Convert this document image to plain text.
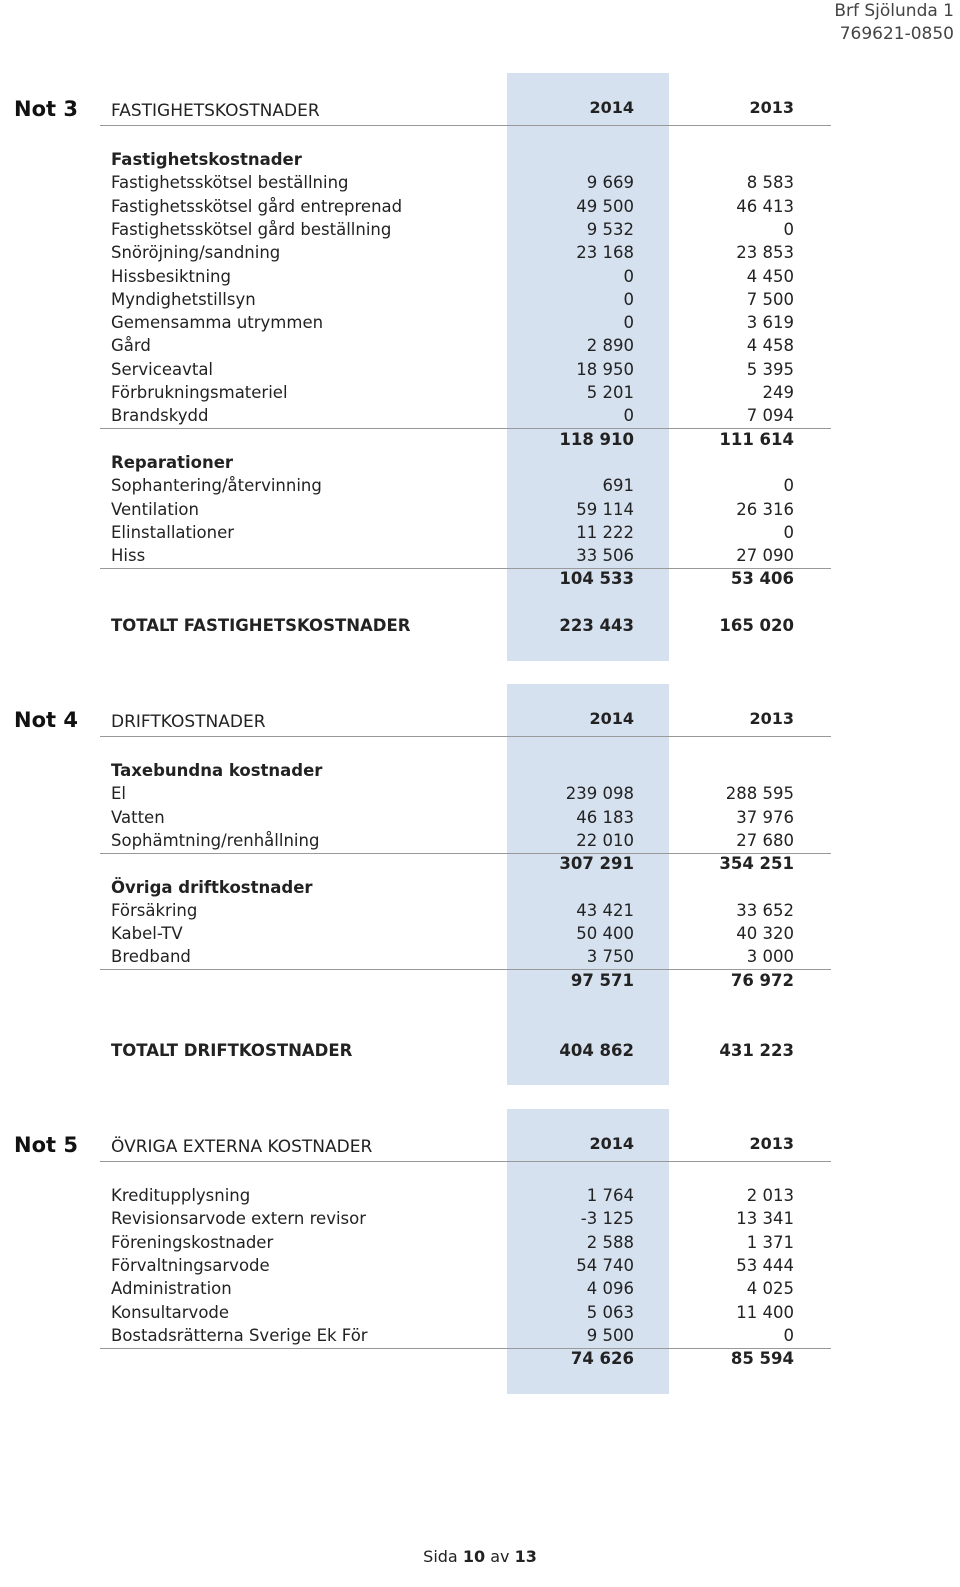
Brf Sjölunda 1
769621-0850
Not 3 FASTIGHETSKOSTNADER	2014	2013
Fastighetskostnader
Fastighetsskötsel beställning	9 669	8 583
Fastighetsskötsel gård entreprenad	49 500	46 413
Fastighetsskötsel gård beställning	9 532	0
Snöröjning/sandning	23 168	23 853
Hissbesiktning	0	4 450
Myndighetstillsyn	0	7 500
Gemensamma utrymmen	0	3 619
Gård	2 890	4 458
Serviceavtal	18 950	5 395
Förbrukningsmateriel	5 201	249
Brandskydd	0	7 094
118 910	111 614
Reparationer
Sophantering/återvinning	691	0
Ventilation	59 114	26 316
Elinstallationer	11 222	0
Hiss	33 506	27 090
104 533	53 406
TOTALT FASTIGHETSKOSTNADER	223 443	165 020
Not 4 DRIFTKOSTNADER	2014	2013
Taxebundna kostnader
El	239 098	288 595
Vatten	46 183	37 976
Sophämtning/renhållning	22 010	27 680
307 291	354 251
Övriga driftkostnader
Försäkring	43 421	33 652
Kabel-TV	50 400	40 320
Bredband	3 750	3 000
97 571	76 972
TOTALT DRIFTKOSTNADER	404 862	431 223
Not 5 ÖVRIGA EXTERNA KOSTNADER	2014	2013
Kreditupplysning	1 764	2 013
Revisionsarvode extern revisor	-3 125	13 341
Föreningskostnader	2 588	1 371
Förvaltningsarvode	54 740	53 444
Administration	4 096	4 025
Konsultarvode	5 063	11 400
Bostadsrätterna Sverige Ek För	9 500	0
74 626	85 594
Sida 10 av 13
